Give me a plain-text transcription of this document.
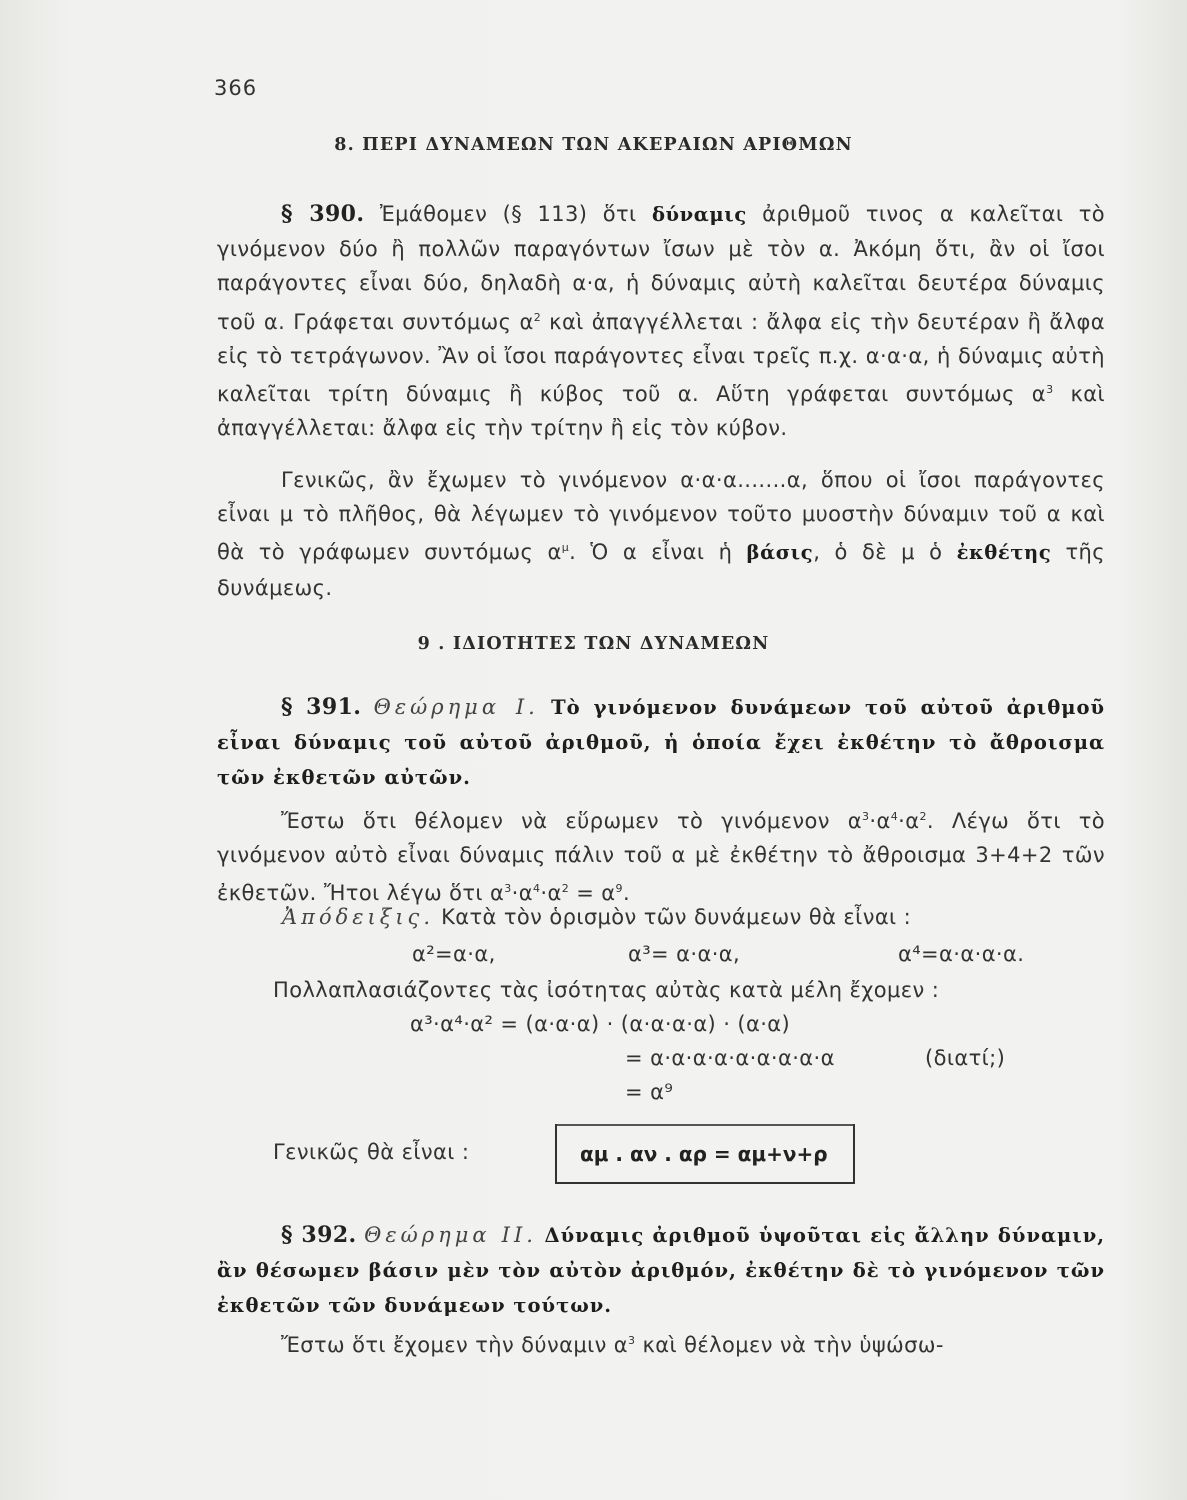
366
8. ΠΕΡΙ ΔΥΝΑΜΕΩΝ ΤΩΝ ΑΚΕΡΑΙΩΝ ΑΡΙΘΜΩΝ
§ 390. Ἐμάθομεν (§ 113) ὅτι δύναμις ἀριθμοῦ τινος α καλεῖται τὸ γινόμενον δύο ἢ πολλῶν παραγόντων ἴσων μὲ τὸν α. Ἀκόμη ὅτι, ἂν οἱ ἴσοι παράγοντες εἶναι δύο, δηλαδὴ α·α, ἡ δύναμις αὐτὴ καλεῖται δευτέρα δύναμις τοῦ α. Γράφεται συντόμως $\alpha^2$ καὶ ἀπαγγέλλεται : ἄλφα εἰς τὴν δευτέραν ἢ ἄλφα εἰς τὸ τετράγωνον. Ἂν οἱ ἴσοι παράγοντες εἶναι τρεῖς π.χ. α·α·α, ἡ δύναμις αὐτὴ καλεῖται τρίτη δύναμις ἢ κύβος τοῦ α. Αὕτη γράφεται συντόμως $\alpha^3$ καὶ ἀπαγγέλλεται: ἄλφα εἰς τὴν τρίτην ἢ εἰς τὸν κύβον.
Γενικῶς, ἂν ἔχωμεν τὸ γινόμενον α·α·α.......α, ὅπου οἱ ἴσοι παράγοντες εἶναι μ τὸ πλῆθος, θὰ λέγωμεν τὸ γινόμενον τοῦτο μυοστὴν δύναμιν τοῦ α καὶ θὰ τὸ γράφωμεν συντόμως $\alpha^\mu$. Ὁ α εἶναι ἡ βάσις, ὁ δὲ μ ὁ ἐκθέτης τῆς δυνάμεως.
9 . ΙΔΙΟΤΗΤΕΣ ΤΩΝ ΔΥΝΑΜΕΩΝ
§ 391. Θεώρημα I. Τὸ γινόμενον δυνάμεων τοῦ αὐτοῦ ἀριθμοῦ εἶναι δύναμις τοῦ αὐτοῦ ἀριθμοῦ, ἡ ὁποία ἔχει ἐκθέτην τὸ ἄθροισμα τῶν ἐκθετῶν αὐτῶν.
Ἔστω ὅτι θέλομεν νὰ εὕρωμεν τὸ γινόμενον $\alpha^3\cdot\alpha^4\cdot\alpha^2$. Λέγω ὅτι τὸ γινόμενον αὐτὸ εἶναι δύναμις πάλιν τοῦ α μὲ ἐκθέτην τὸ ἄθροισμα 3+4+2 τῶν ἐκθετῶν. Ἤτοι λέγω ὅτι $\alpha^3\cdot\alpha^4\cdot\alpha^2 = \alpha^9$.
Ἀπόδειξις. Κατὰ τὸν ὁρισμὸν τῶν δυνάμεων θὰ εἶναι :
α²=α·α,	α³= α·α·α,	α⁴=α·α·α·α.
Πολλαπλασιάζοντες τὰς ἰσότητας αὐτὰς κατὰ μέλη ἔχομεν :
α³·α⁴·α² = (α·α·α) · (α·α·α·α) · (α·α)
= α·α·α·α·α·α·α·α·α	(διατί;)
= α⁹
Γενικῶς θὰ εἶναι :	αμ . αν . αρ = αμ+ν+ρ
§ 392. Θεώρημα II. Δύναμις ἀριθμοῦ ὑψοῦται εἰς ἄλλην δύναμιν, ἂν θέσωμεν βάσιν μὲν τὸν αὐτὸν ἀριθμόν, ἐκθέτην δὲ τὸ γινόμενον τῶν ἐκθετῶν τῶν δυνάμεων τούτων.
Ἔστω ὅτι ἔχομεν τὴν δύναμιν $\alpha^3$ καὶ θέλομεν νὰ τὴν ὑψώσω-
